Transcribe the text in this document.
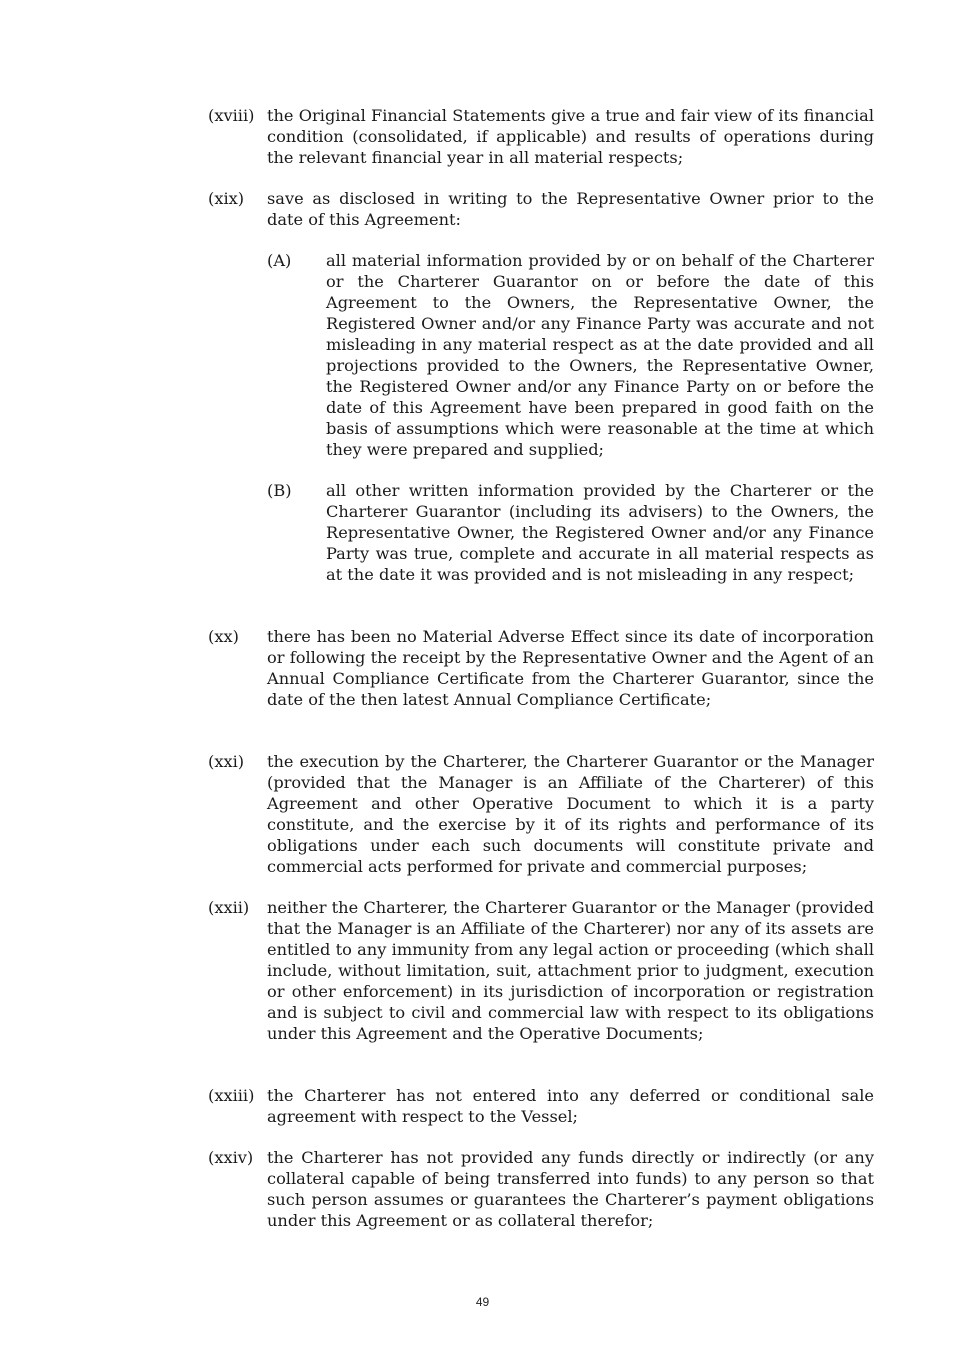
(xviii) the Original Financial Statements give a true and fair view of its financial condition (consolidated, if applicable) and results of operations during the relevant financial year in all material respects;
(xix) save as disclosed in writing to the Representative Owner prior to the date of this Agreement:
(A) all material information provided by or on behalf of the Charterer or the Charterer Guarantor on or before the date of this Agreement to the Owners, the Representative Owner, the Registered Owner and/or any Finance Party was accurate and not misleading in any material respect as at the date provided and all projections provided to the Owners, the Representative Owner, the Registered Owner and/or any Finance Party on or before the date of this Agreement have been prepared in good faith on the basis of assumptions which were reasonable at the time at which they were prepared and supplied;
(B) all other written information provided by the Charterer or the Charterer Guarantor (including its advisers) to the Owners, the Representative Owner, the Registered Owner and/or any Finance Party was true, complete and accurate in all material respects as at the date it was provided and is not misleading in any respect;
(xx) there has been no Material Adverse Effect since its date of incorporation or following the receipt by the Representative Owner and the Agent of an Annual Compliance Certificate from the Charterer Guarantor, since the date of the then latest Annual Compliance Certificate;
(xxi) the execution by the Charterer, the Charterer Guarantor or the Manager (provided that the Manager is an Affiliate of the Charterer) of this Agreement and other Operative Document to which it is a party constitute, and the exercise by it of its rights and performance of its obligations under each such documents will constitute private and commercial acts performed for private and commercial purposes;
(xxii) neither the Charterer, the Charterer Guarantor or the Manager (provided that the Manager is an Affiliate of the Charterer) nor any of its assets are entitled to any immunity from any legal action or proceeding (which shall include, without limitation, suit, attachment prior to judgment, execution or other enforcement) in its jurisdiction of incorporation or registration and is subject to civil and commercial law with respect to its obligations under this Agreement and the Operative Documents;
(xxiii) the Charterer has not entered into any deferred or conditional sale agreement with respect to the Vessel;
(xxiv) the Charterer has not provided any funds directly or indirectly (or any collateral capable of being transferred into funds) to any person so that such person assumes or guarantees the Charterer’s payment obligations under this Agreement or as collateral therefor;
49
